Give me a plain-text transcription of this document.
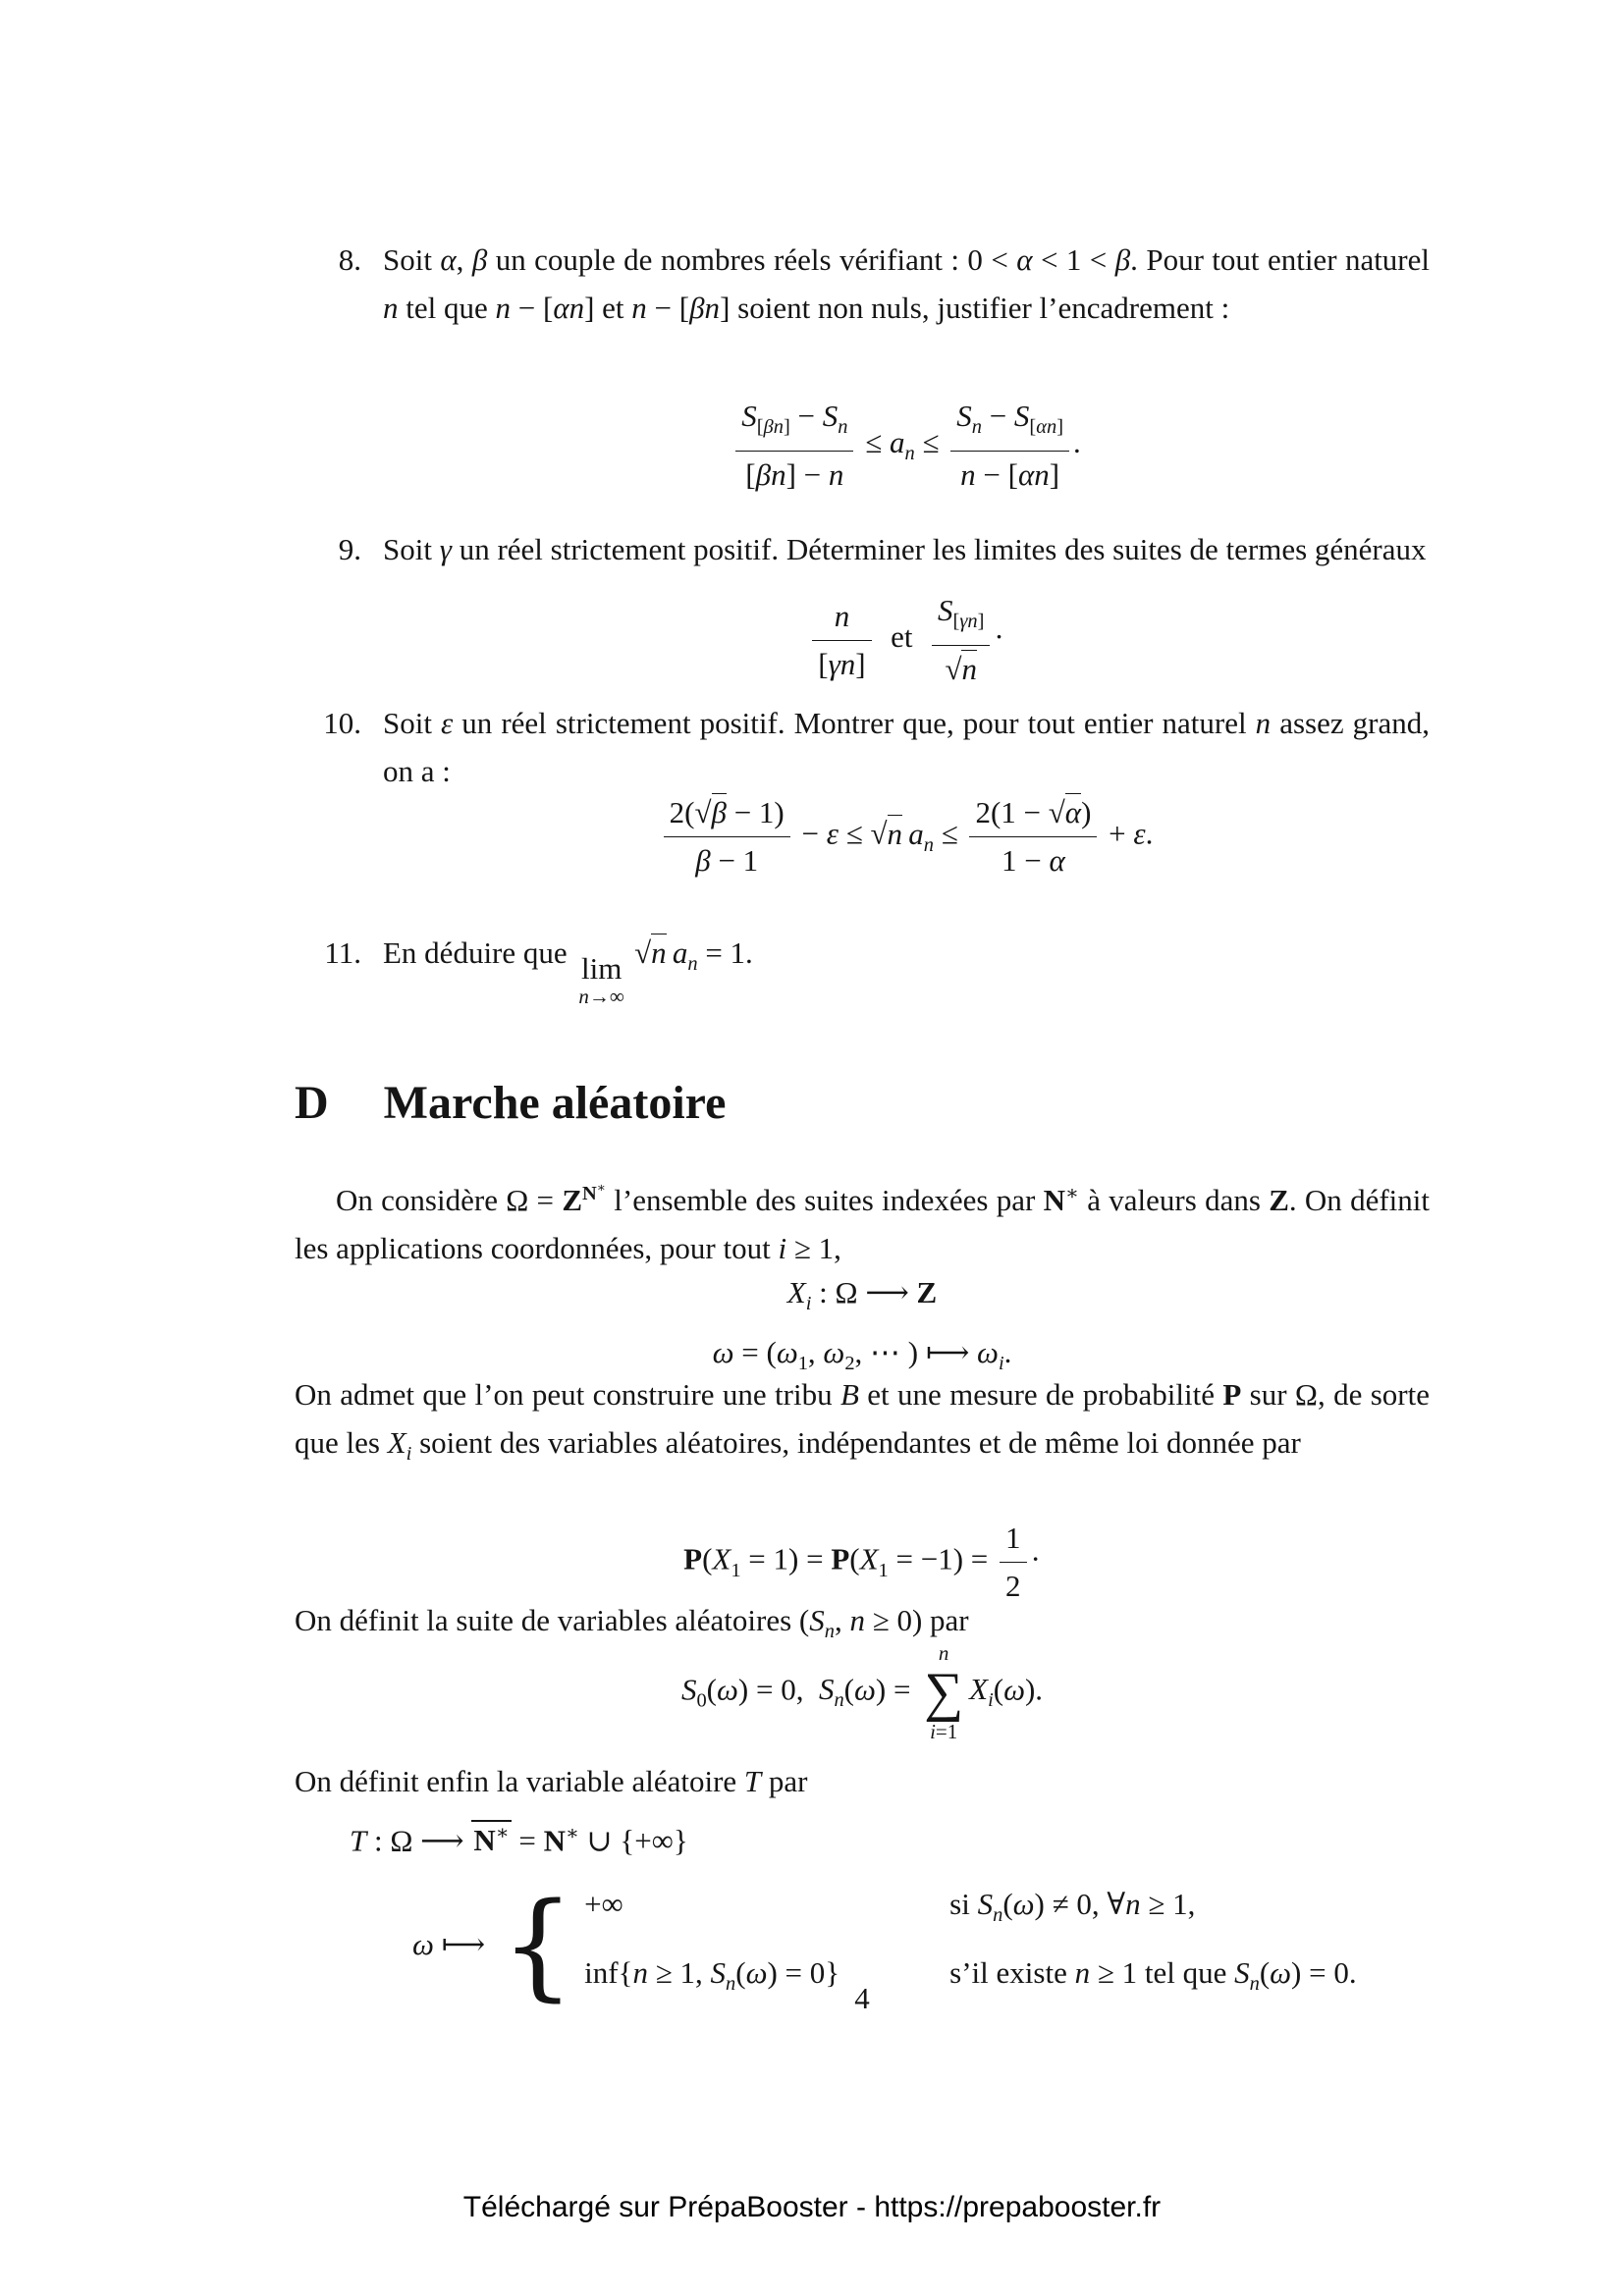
8. Soit α, β un couple de nombres réels vérifiant : 0 < α < 1 < β. Pour tout entier naturel n tel que n − [αn] et n − [βn] soient non nuls, justifier l’encadrement :
$\frac{S_{[\beta n]} - S_n}{[\beta n] - n} \le a_n \le \frac{S_n - S_{[\alpha n]}}{n - [\alpha n]}$ .
9. Soit γ un réel strictement positif. Déterminer les limites des suites de termes généraux
$\frac{n}{[\gamma n]}$ et $\frac{S_{[\gamma n]}}{√n}$ ·
10. Soit ε un réel strictement positif. Montrer que, pour tout entier naturel n assez grand, on a :
$\frac{2(√\beta - 1)}{\beta - 1} - \varepsilon \le √n$  $a_n \le \frac{2(1 - √\alpha)}{1 - \alpha} + \varepsilon$.
11. En déduire que lim
n→∞
 √n  $a_n = 1$.
D Marche aléatoire
On considère $\Omega = Z^{N^∗}$ l’ensemble des suites indexées par N∗ à valeurs dans Z. On définit les applications coordonnées, pour tout i ≥ 1,
$X_i$ : Ω ⟶ Z
$\omega = (\omega_1$, $\omega_2$, ⋯ ) ⟼ $\omega_i$.
On admet que l’on peut construire une tribu B et une mesure de probabilité P sur Ω, de sorte que les $X_i$ soient des variables aléatoires, indépendantes et de même loi donnée par
$P(X_1 = 1) = P(X_1 = -1) = \frac{1}{2}$ ·
On définit la suite de variables aléatoires ($S_n$, n ≥ 0) par
$S_0(\omega) = 0$,  $S_n(\omega)$ =
n
∑
i=1
$X_i(\omega)$.
On définit enfin la variable aléatoire T par
T : Ω ⟶ N∗ = N∗ ∪ {+∞}
ω ⟼ { +∞	si $S_n(\omega) \ne 0$, ∀n ≥ 1,
inf{n ≥ 1, $S_n(\omega) = 0$}	s’il existe n ≥ 1 tel que $S_n(\omega) = 0$.
4
Téléchargé sur PrépaBooster - https://prepabooster.fr
